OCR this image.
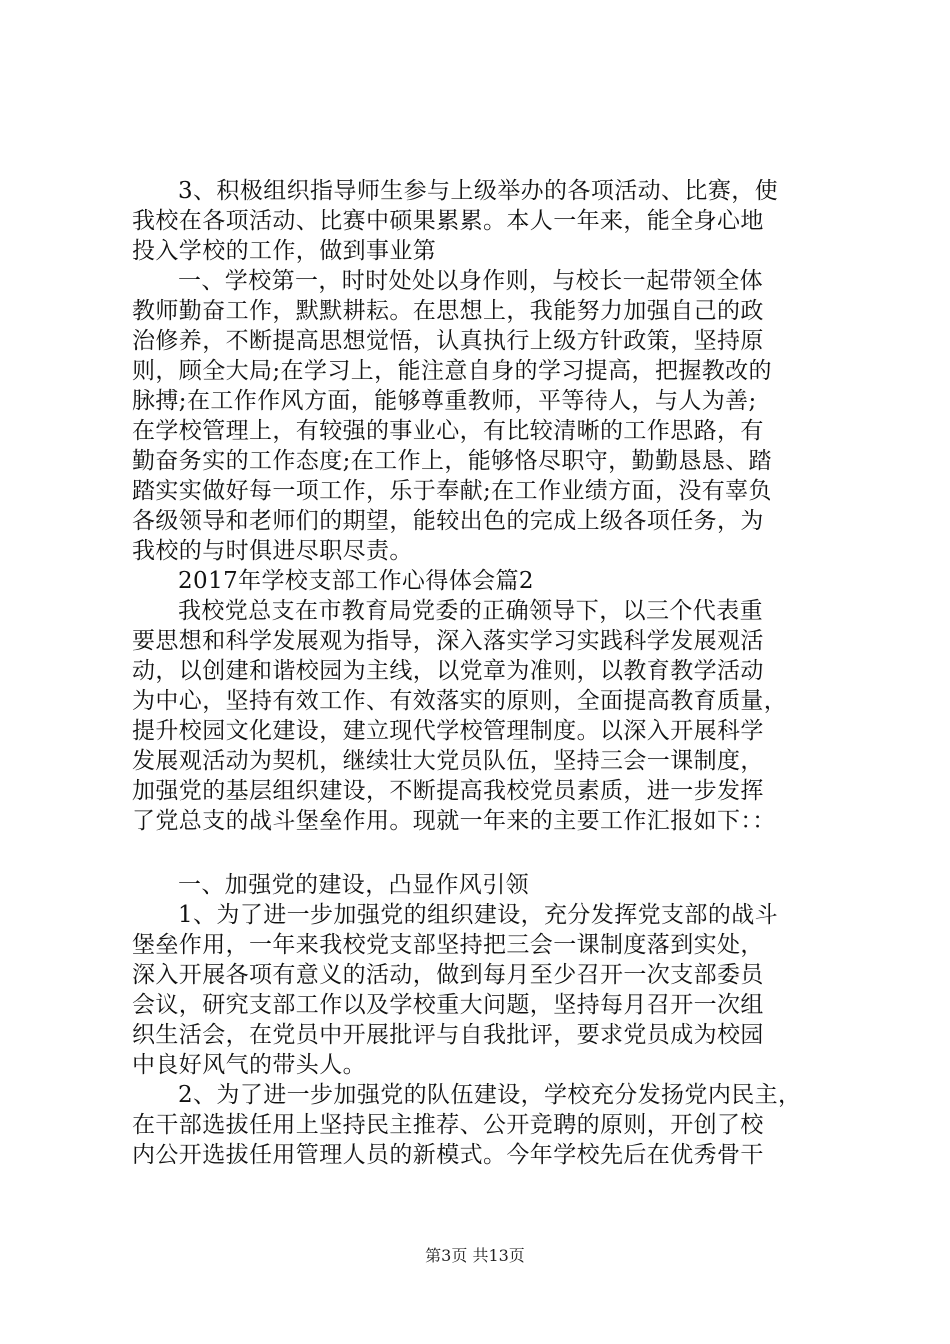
3、积极组织指导师生参与上级举办的各项活动、比赛，使
我校在各项活动、比赛中硕果累累。本人一年来，能全身心地
投入学校的工作，做到事业第
一、学校第一，时时处处以身作则，与校长一起带领全体
教师勤奋工作，默默耕耘。在思想上，我能努力加强自己的政
治修养，不断提高思想觉悟，认真执行上级方针政策，坚持原
则，顾全大局;在学习上，能注意自身的学习提高，把握教改的
脉搏;在工作作风方面，能够尊重教师，平等待人，与人为善;
在学校管理上，有较强的事业心，有比较清晰的工作思路，有
勤奋务实的工作态度;在工作上，能够恪尽职守，勤勤恳恳、踏
踏实实做好每一项工作，乐于奉献;在工作业绩方面，没有辜负
各级领导和老师们的期望，能较出色的完成上级各项任务，为
我校的与时俱进尽职尽责。
2017年学校支部工作心得体会篇2
我校党总支在市教育局党委的正确领导下，以三个代表重
要思想和科学发展观为指导，深入落实学习实践科学发展观活
动，以创建和谐校园为主线，以党章为准则，以教育教学活动
为中心，坚持有效工作、有效落实的原则，全面提高教育质量，
提升校园文化建设，建立现代学校管理制度。以深入开展科学
发展观活动为契机，继续壮大党员队伍，坚持三会一课制度，
加强党的基层组织建设，不断提高我校党员素质，进一步发挥
了党总支的战斗堡垒作用。现就一年来的主要工作汇报如下：：
一、加强党的建设，凸显作风引领
1、为了进一步加强党的组织建设，充分发挥党支部的战斗
堡垒作用，一年来我校党支部坚持把三会一课制度落到实处，
深入开展各项有意义的活动，做到每月至少召开一次支部委员
会议，研究支部工作以及学校重大问题，坚持每月召开一次组
织生活会，在党员中开展批评与自我批评，要求党员成为校园
中良好风气的带头人。
2、为了进一步加强党的队伍建设，学校充分发扬党内民主，
在干部选拔任用上坚持民主推荐、公开竞聘的原则，开创了校
内公开选拔任用管理人员的新模式。今年学校先后在优秀骨干
第3页 共13页
